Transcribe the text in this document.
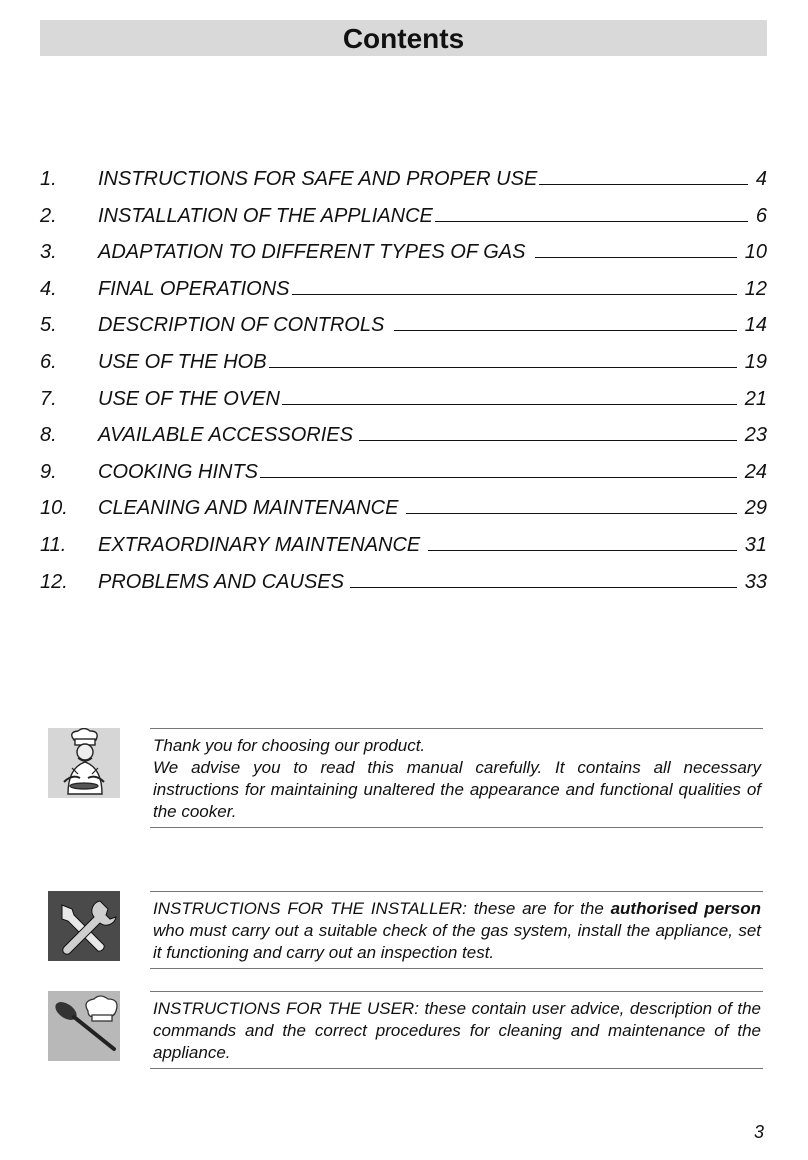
Contents
1. INSTRUCTIONS FOR SAFE AND PROPER USE	4
2. INSTALLATION OF THE APPLIANCE	6
3. ADAPTATION TO DIFFERENT TYPES OF GAS	10
4. FINAL OPERATIONS	12
5. DESCRIPTION OF CONTROLS	14
6. USE OF THE HOB	19
7. USE OF THE OVEN	21
8. AVAILABLE ACCESSORIES	23
9. COOKING HINTS	24
10. CLEANING AND MAINTENANCE	29
11. EXTRAORDINARY MAINTENANCE	31
12. PROBLEMS AND CAUSES	33

Thank you for choosing our product.

We advise you to read this manual carefully. It contains all necessary instructions for maintaining unaltered the appearance and functional qualities of the cooker.

INSTRUCTIONS FOR THE INSTALLER: these are for the authorised person who must carry out a suitable check of the gas system, install the appliance, set it functioning and carry out an inspection test.

INSTRUCTIONS FOR THE USER: these contain user advice, description of the commands and the correct procedures for cleaning and maintenance of the appliance.

3
